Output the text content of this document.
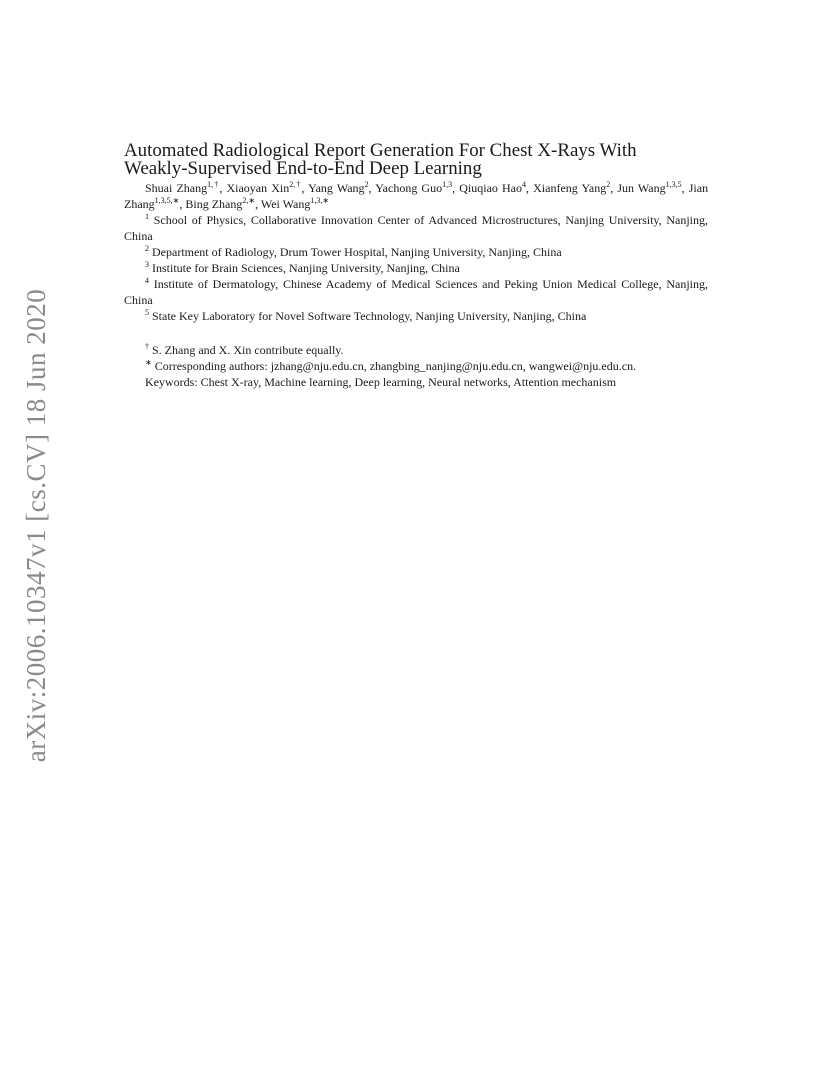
arXiv:2006.10347v1 [cs.CV] 18 Jun 2020
Automated Radiological Report Generation For Chest X-Rays With
Weakly-Supervised End-to-End Deep Learning
Shuai Zhang$^{1,\dagger}$, Xiaoyan Xin$^{2,\dagger}$, Yang Wang$^2$, Yachong Guo$^{1,3}$, Qiuqiao Hao$^4$, Xianfeng Yang$^2$, Jun Wang$^{1,3,5}$, Jian Zhang$^{1,3,5,∗}$, Bing Zhang$^{2,∗}$, Wei Wang$^{1,3,∗}$
$^1$ School of Physics, Collaborative Innovation Center of Advanced Microstructures, Nanjing University, Nanjing, China
$^2$ Department of Radiology, Drum Tower Hospital, Nanjing University, Nanjing, China
$^3$ Institute for Brain Sciences, Nanjing University, Nanjing, China
$^4$ Institute of Dermatology, Chinese Academy of Medical Sciences and Peking Union Medical College, Nanjing, China
$^5$ State Key Laboratory for Novel Software Technology, Nanjing University, Nanjing, China
† S. Zhang and X. Xin contribute equally.
∗ Corresponding authors: jzhang@nju.edu.cn, zhangbing_nanjing@nju.edu.cn, wangwei@nju.edu.cn.
Keywords: Chest X-ray, Machine learning, Deep learning, Neural networks, Attention mechanism
